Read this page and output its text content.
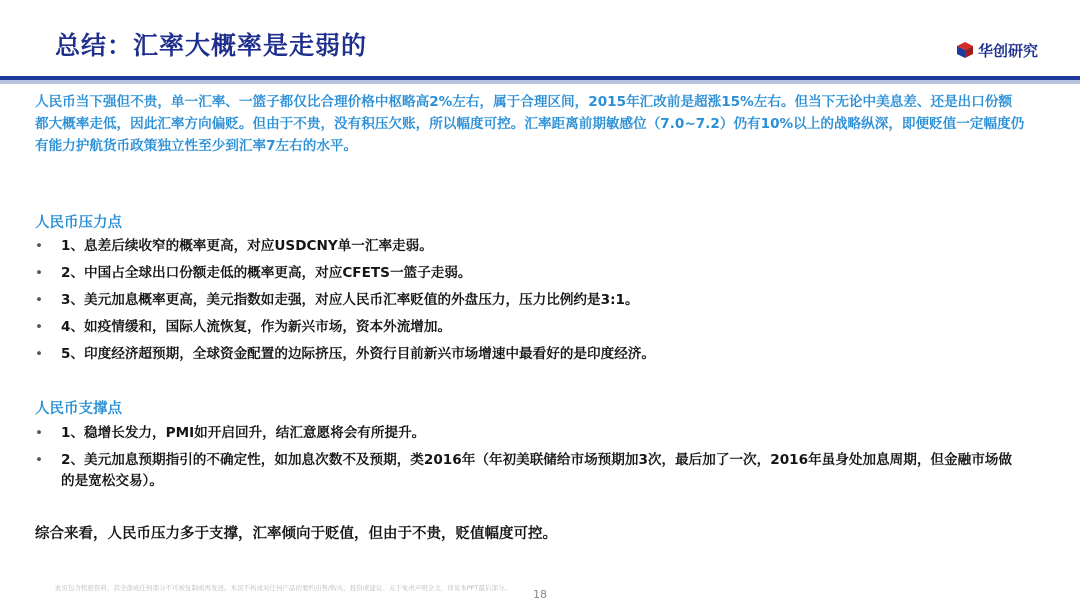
总结：汇率大概率是走弱的	华创研究
人民币当下强但不贵，单一汇率、一篮子都仅比合理价格中枢略高2%左右，属于合理区间，2015年汇改前是超涨15%左右。但当下无论中美息差、还是出口份额都大概率走低，因此汇率方向偏贬。但由于不贵，没有积压欠账，所以幅度可控。汇率距离前期敏感位（7.0~7.2）仍有10%以上的战略纵深，即便贬值一定幅度仍有能力护航货币政策独立性至少到汇率7左右的水平。
人民币压力点
• 1、息差后续收窄的概率更高，对应USDCNY单一汇率走弱。
• 2、中国占全球出口份额走低的概率更高，对应CFETS一篮子走弱。
• 3、美元加息概率更高，美元指数如走强，对应人民币汇率贬值的外盘压力，压力比例约是3:1。
• 4、如疫情缓和，国际人流恢复，作为新兴市场，资本外流增加。
• 5、印度经济超预期，全球资金配置的边际挤压，外资行目前新兴市场增速中最看好的是印度经济。
人民币支撑点
• 1、稳增长发力，PMI如开启回升，结汇意愿将会有所提升。
• 2、美元加息预期指引的不确定性，如加息次数不及预期，类2016年（年初美联储给市场预期加3次，最后加了一次，2016年虽身处加息周期，但金融市场做的是宽松交易）。
综合来看，人民币压力多于支撑，汇率倾向于贬值，但由于不贵，贬值幅度可控。
此页包含机密资料，其全部或任何部分不可被复制或再发送。本页不构成对任何产品的要约出售/购买、投资或建议。关于免责声明全文，详见本PPT最后部分。 18
